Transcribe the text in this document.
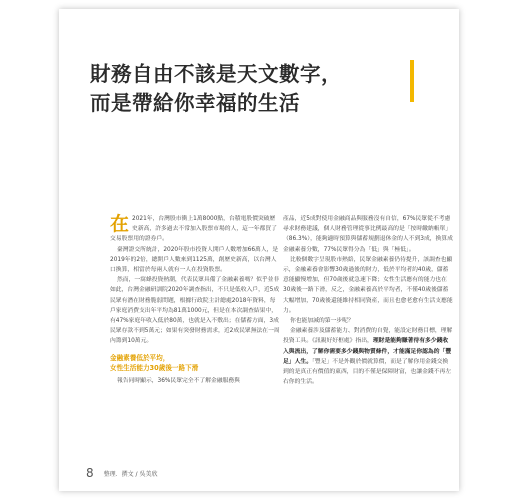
財務自由不該是天文數字，
而是帶給你幸福的生活

在 2021年，台灣股市衝上1萬8000點，台積電股價突破歷史新高，許多過去不常加入股票市場的人，這一年都買了交易股票用的證券戶。

臺灣證交所統計，2020年股市投資人開戶人數增加66萬人，是2019年的2倍，總開戶人數來到1125萬，創歷史新高，以台灣人口換算，相當於每兩人就有一人在投資股票。

然而，一窩蜂投資熱潮，代表民眾具備了金融素養嗎？似乎並非如此，台灣金融研訓院2020年調查指出，不只是低收入戶，近5成民眾有潛在財務脆弱問題，根據行政院主計總處2018年資料，每戶家庭消費支出年平均為81萬1000元，但是在本次調查結果中，有47%家庭年收入低於80萬，也就是入不敷出；在儲蓄方面，3成民眾存款不到5萬元；如果有突發財務需求，近2成民眾無法在一周內籌到10萬元。

金融素養低於平均，
女性生活能力30歲後一路下滑

報告同時顯示，36%民眾完全不了解金融服務與

產品，近5成對使用金融商品與服務沒有自信，67%民眾從不考慮尋求財務建議，個人財務管理從事比例最高的是「按時繳納帳單」（86.3%），能夠適時預算與儲蓄規劃退休金的人不到3成，換算成金融素養分數，77%民眾得分為「低」與「極低」。

比較個數字呈現股市熱絡，民眾金融素養仍待提升，該調查也顯示，金融素養會影響30歲過後的財力，低於平均者約40歲，儲蓄意能顯慢增加，但70歲後就急速下降；女性生活應有的能力也在30歲後一路下滑，反之，金融素養高於平均者，不僅40歲後儲蓄大幅增加，70歲後還能維持相同資產，而且也愈老愈有生活支應能力。

你也能加減的第一步呢？

金融素養涉及儲蓄能力、對消費的自覺，能設定財務目標，理解投資工具。《訊親好好框處》指出，理財是能夠賺著待有多少錢收入與流出，了解你需要多少錢與物質條件，才能滿足你認為的「豐足」人生。「豐足」不是外觀於價就算價，而是了解你用金錢交換到的是真正有價值的東西，目的不僅是保障財富，也讓金錢不再左右你的生活。

8 整理．撰文 / 吳美欣
